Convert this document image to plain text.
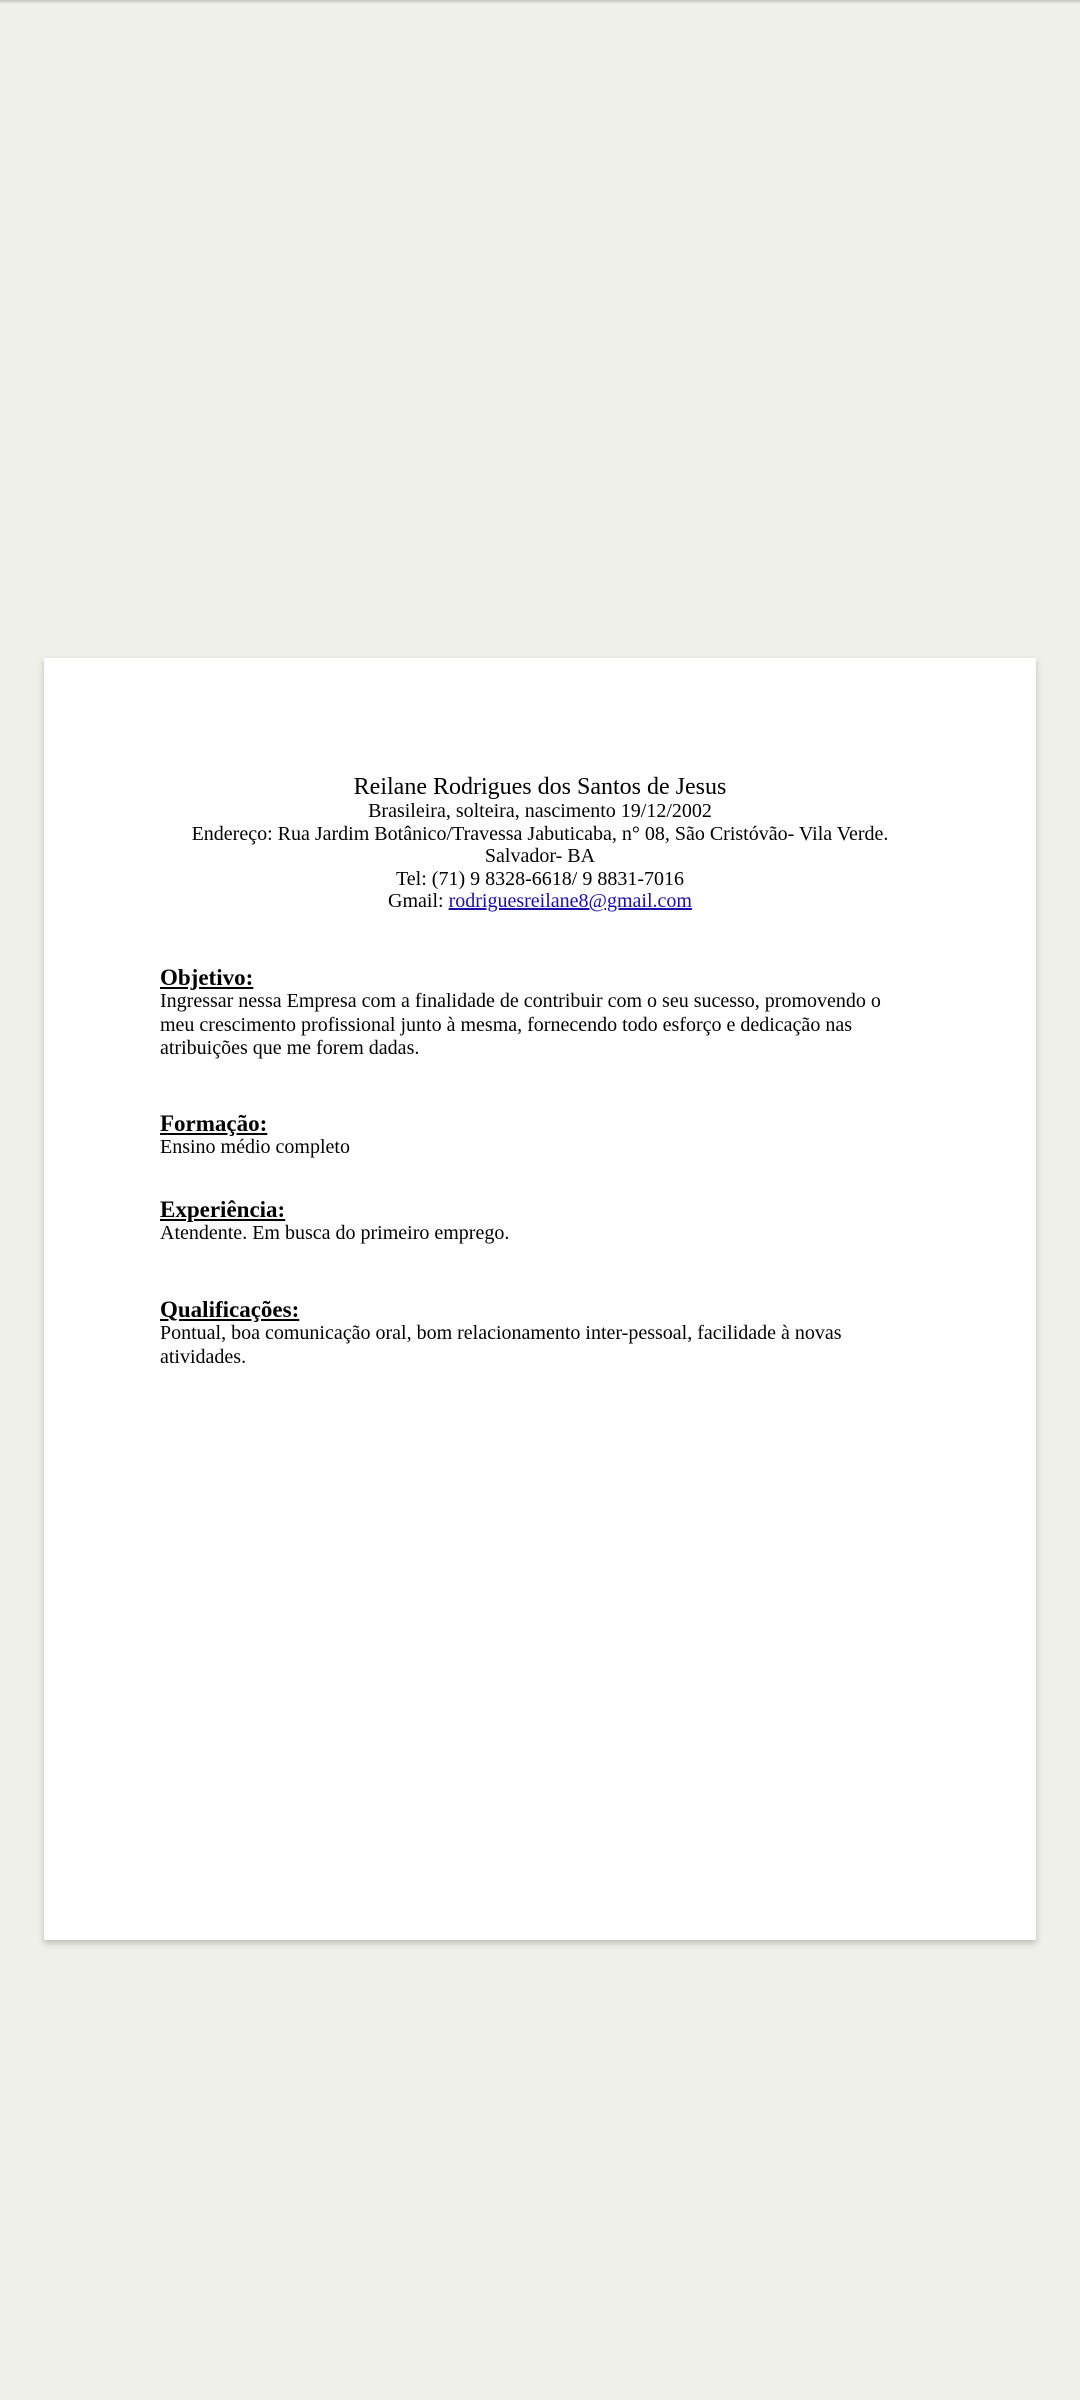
Reilane Rodrigues dos Santos de Jesus
Brasileira, solteira, nascimento 19/12/2002
Endereço: Rua Jardim Botânico/Travessa Jabuticaba, n° 08, São Cristóvão- Vila Verde.
Salvador- BA
Tel: (71) 9 8328-6618/ 9 8831-7016
Gmail: rodriguesreilane8@gmail.com
Objetivo:
Ingressar nessa Empresa com a finalidade de contribuir com o seu sucesso, promovendo o meu crescimento profissional junto à mesma, fornecendo todo esforço e dedicação nas atribuições que me forem dadas.
Formação:
Ensino médio completo
Experiência:
Atendente. Em busca do primeiro emprego.
Qualificações:
Pontual, boa comunicação oral, bom relacionamento inter-pessoal, facilidade à novas atividades.
